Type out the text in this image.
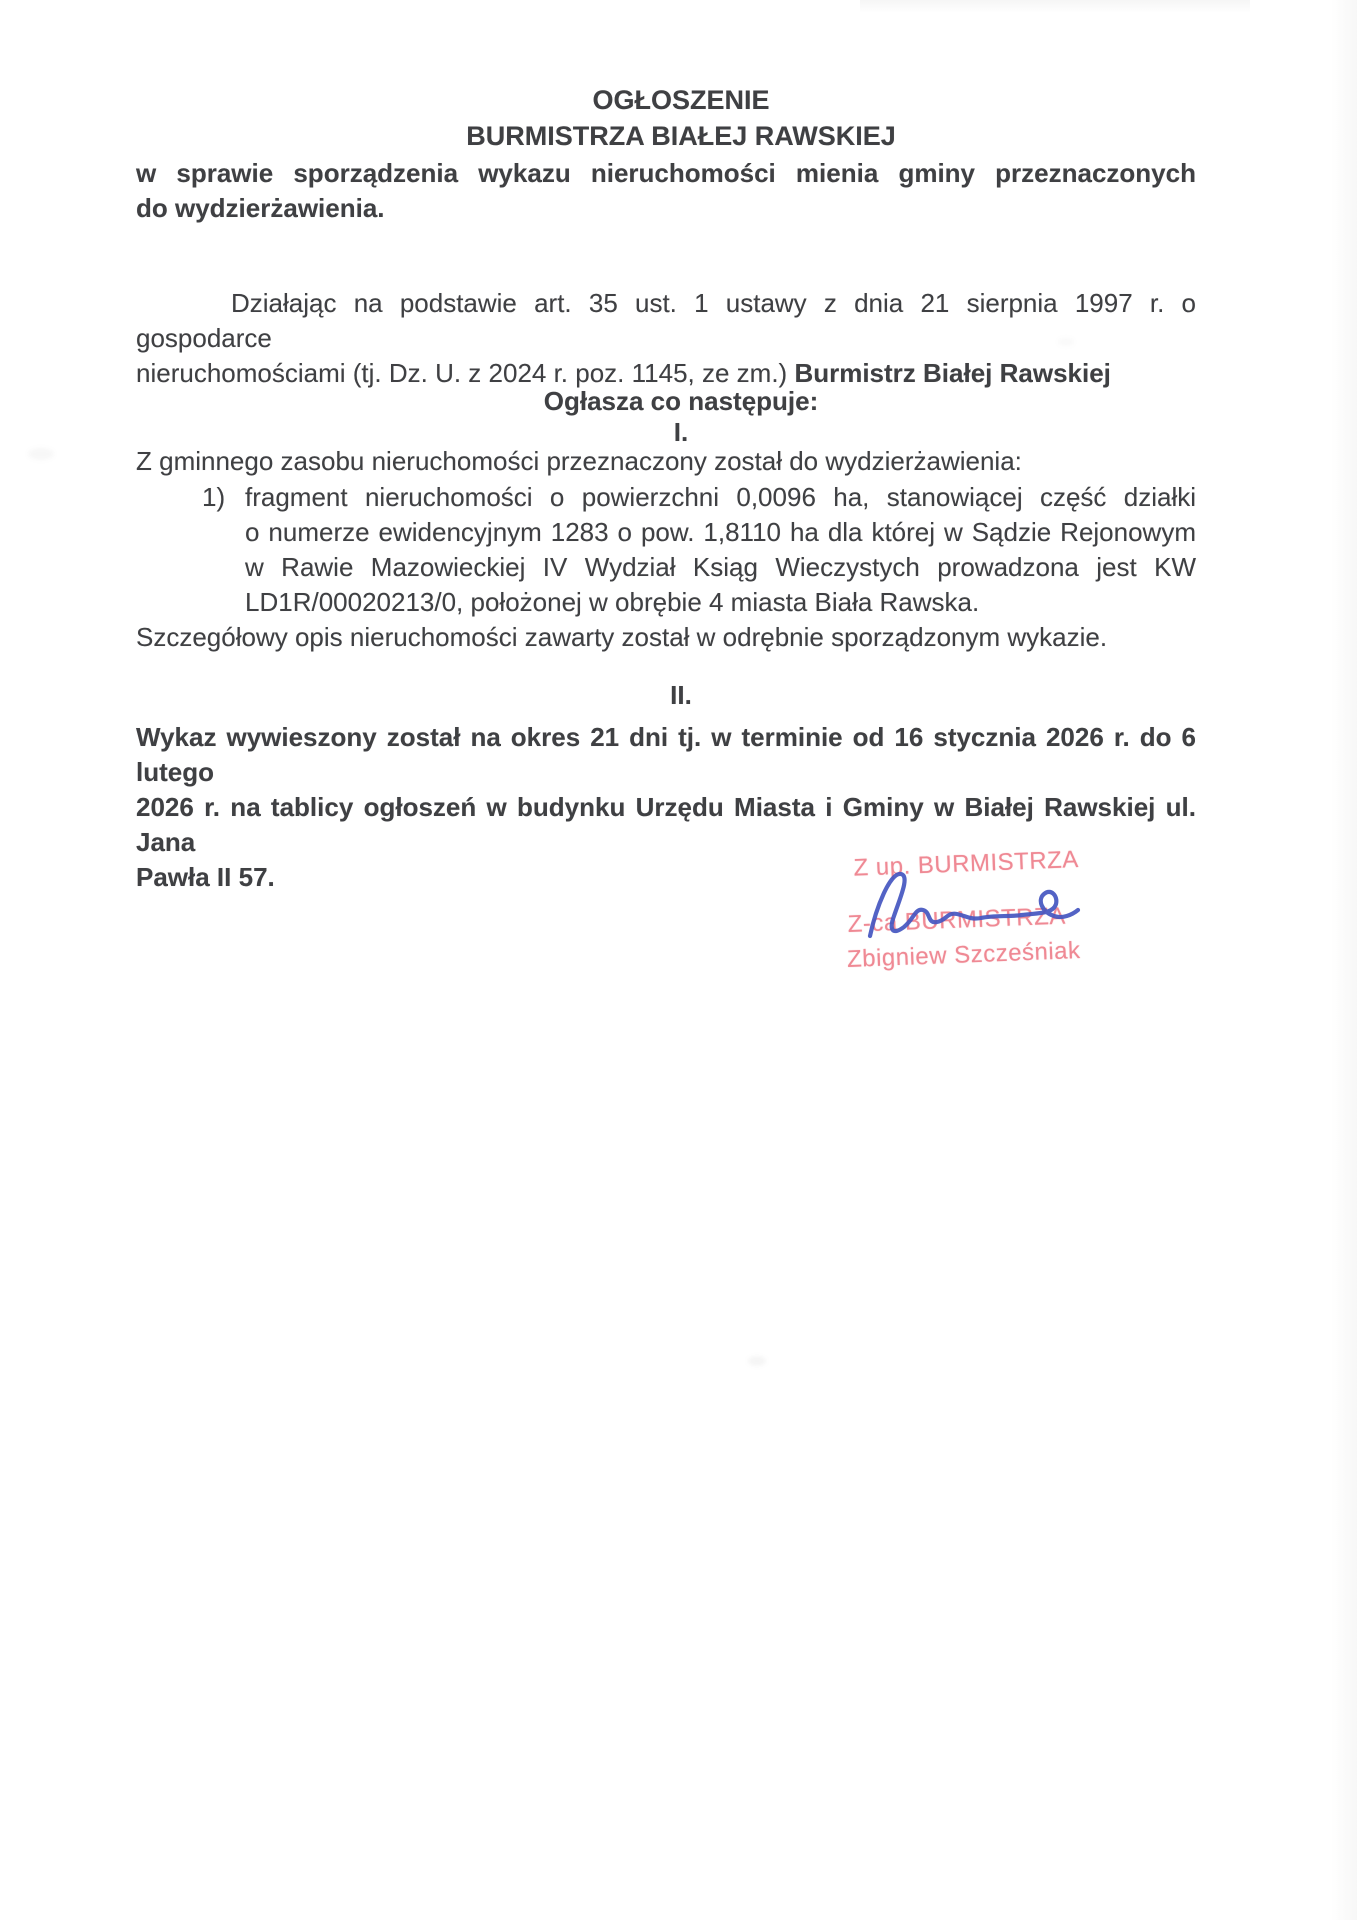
OGŁOSZENIE
BURMISTRZA BIAŁEJ RAWSKIEJ
w sprawie sporządzenia wykazu nieruchomości mienia gminy przeznaczonych
do wydzierżawienia.
Działając na podstawie art. 35 ust. 1 ustawy z dnia 21 sierpnia 1997 r. o gospodarce
nieruchomościami (tj. Dz. U. z 2024 r. poz. 1145, ze zm.) Burmistrz Białej Rawskiej
Ogłasza co następuje:
I.
Z gminnego zasobu nieruchomości przeznaczony został do wydzierżawienia:
1) fragment nieruchomości o powierzchni 0,0096 ha, stanowiącej część działki
o numerze ewidencyjnym 1283 o pow. 1,8110 ha dla której w Sądzie Rejonowym
w Rawie Mazowieckiej IV Wydział Ksiąg Wieczystych prowadzona jest KW
LD1R/00020213/0, położonej w obrębie 4 miasta Biała Rawska.
Szczegółowy opis nieruchomości zawarty został w odrębnie sporządzonym wykazie.
II.
Wykaz wywieszony został na okres 21 dni tj. w terminie od 16 stycznia 2026 r. do 6 lutego
2026 r. na tablicy ogłoszeń w budynku Urzędu Miasta i Gminy w Białej Rawskiej ul. Jana
Pawła II 57.	Z up. BURMISTRZA
Z-ca BURMISTRZA
Zbigniew Szcześniak
